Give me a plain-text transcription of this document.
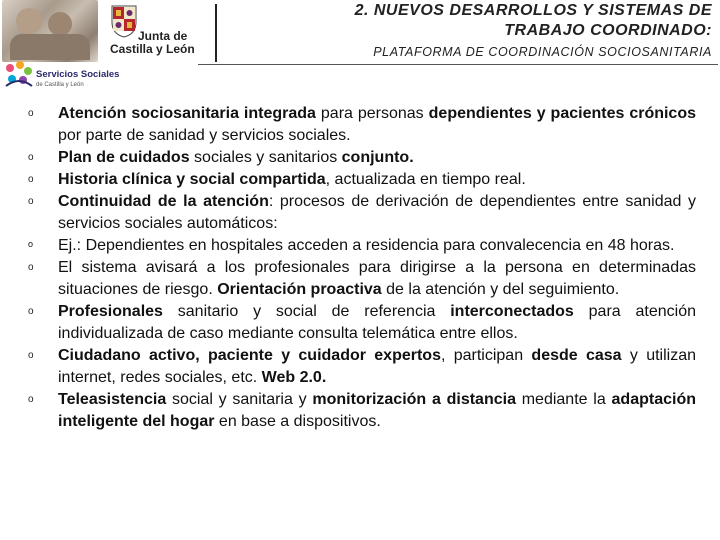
Junta de
Castilla y León
Servicios Sociales
de Castilla y León
2. NUEVOS DESARROLLOS Y SISTEMAS DE
TRABAJO COORDINADO:
PLATAFORMA DE COORDINACIÓN SOCIOSANITARIA
o Atención sociosanitaria integrada para personas dependientes y pacientes crónicos por parte de sanidad y servicios sociales.
o Plan de cuidados sociales y sanitarios conjunto.
o Historia clínica y social compartida, actualizada en tiempo real.
o Continuidad de la atención: procesos de derivación de dependientes entre sanidad y servicios sociales automáticos:
o Ej.: Dependientes en hospitales acceden a residencia para convalecencia en 48 horas.
o El sistema avisará a los profesionales para dirigirse a la persona en determinadas situaciones de riesgo. Orientación proactiva de la atención y del seguimiento.
o Profesionales sanitario y social de referencia interconectados para atención individualizada de caso mediante consulta telemática entre ellos.
o Ciudadano activo, paciente y cuidador expertos, participan desde casa y utilizan internet, redes sociales, etc. Web 2.0.
o Teleasistencia social y sanitaria y monitorización a distancia mediante la adaptación inteligente del hogar en base a dispositivos.
